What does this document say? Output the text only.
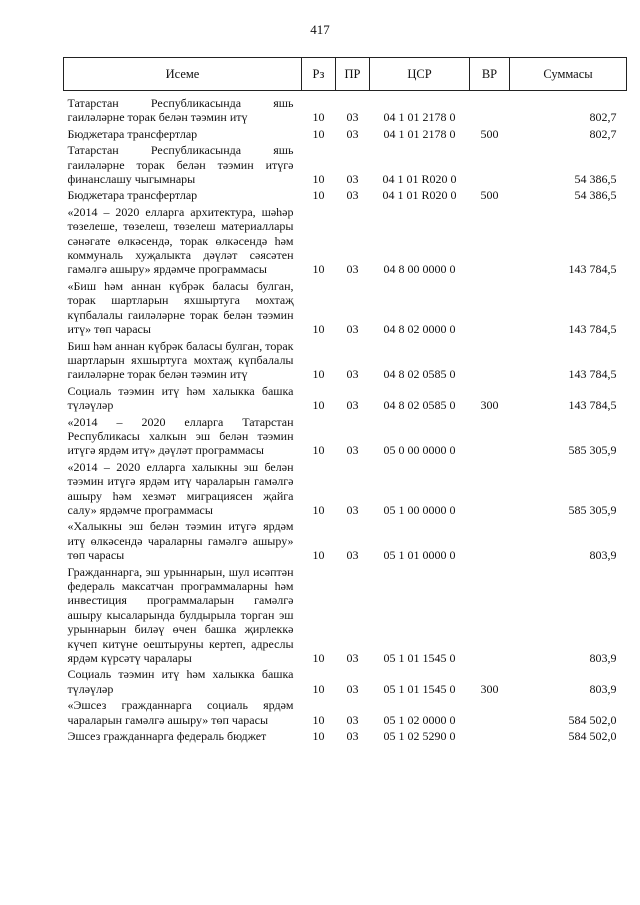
417
Исеме	Рз	ПР	ЦСР	ВР	Суммасы
Татарстан Республикасында яшь гаиләләрне торак белән тәэмин итү	10	03	04 1 01 2178 0		802,7
Бюджетара трансфертлар	10	03	04 1 01 2178 0	500	802,7
Татарстан Республикасында яшь гаиләләрне торак белән тәэмин итүгә финанслашу чыгымнары	10	03	04 1 01 R020 0		54 386,5
Бюджетара трансфертлар	10	03	04 1 01 R020 0	500	54 386,5
«2014 – 2020 елларга архитектура, шәһәр төзелеше, төзелеш, төзелеш материаллары сәнәгате өлкәсендә, торак өлкәсендә һәм коммуналь хуҗалыкта дәүләт сәясәтен гамәлгә ашыру» ярдәмче программасы	10	03	04 8 00 0000 0		143 784,5
«Биш һәм аннан күбрәк баласы булган, торак шартларын яхшыртуга мохтаҗ күпбалалы гаиләләрне торак белән тәэмин итү» төп чарасы	10	03	04 8 02 0000 0		143 784,5
Биш һәм аннан күбрәк баласы булган, торак шартларын яхшыртуга мохтаҗ күпбалалы гаиләләрне торак белән тәэмин итү	10	03	04 8 02 0585 0		143 784,5
Социаль тәэмин итү һәм халыкка башка түләүләр	10	03	04 8 02 0585 0	300	143 784,5
«2014 – 2020 елларга Татарстан Республикасы халкын эш белән тәэмин итүгә ярдәм итү» дәүләт программасы	10	03	05 0 00 0000 0		585 305,9
«2014 – 2020 елларга халыкны эш белән тәэмин итүгә ярдәм итү чараларын гамәлгә ашыру һәм хезмәт миграциясен җайга салу» ярдәмче программасы	10	03	05 1 00 0000 0		585 305,9
«Халыкны эш белән тәэмин итүгә ярдәм итү өлкәсендә чараларны гамәлгә ашыру» төп чарасы	10	03	05 1 01 0000 0		803,9
Гражданнарга, эш урыннарын, шул исәптән федераль максатчан программаларны һәм инвестиция программаларын гамәлгә ашыру кысаларында булдырыла торган эш урыннарын биләү өчен башка җирлеккә күчеп китүне оештыруны кертеп, адреслы ярдәм күрсәтү чаралары	10	03	05 1 01 1545 0		803,9
Социаль тәэмин итү һәм халыкка башка түләүләр	10	03	05 1 01 1545 0	300	803,9
«Эшсез гражданнарга социаль ярдәм чараларын гамәлгә ашыру» төп чарасы	10	03	05 1 02 0000 0		584 502,0
Эшсез гражданнарга федераль бюджет	10	03	05 1 02 5290 0		584 502,0
